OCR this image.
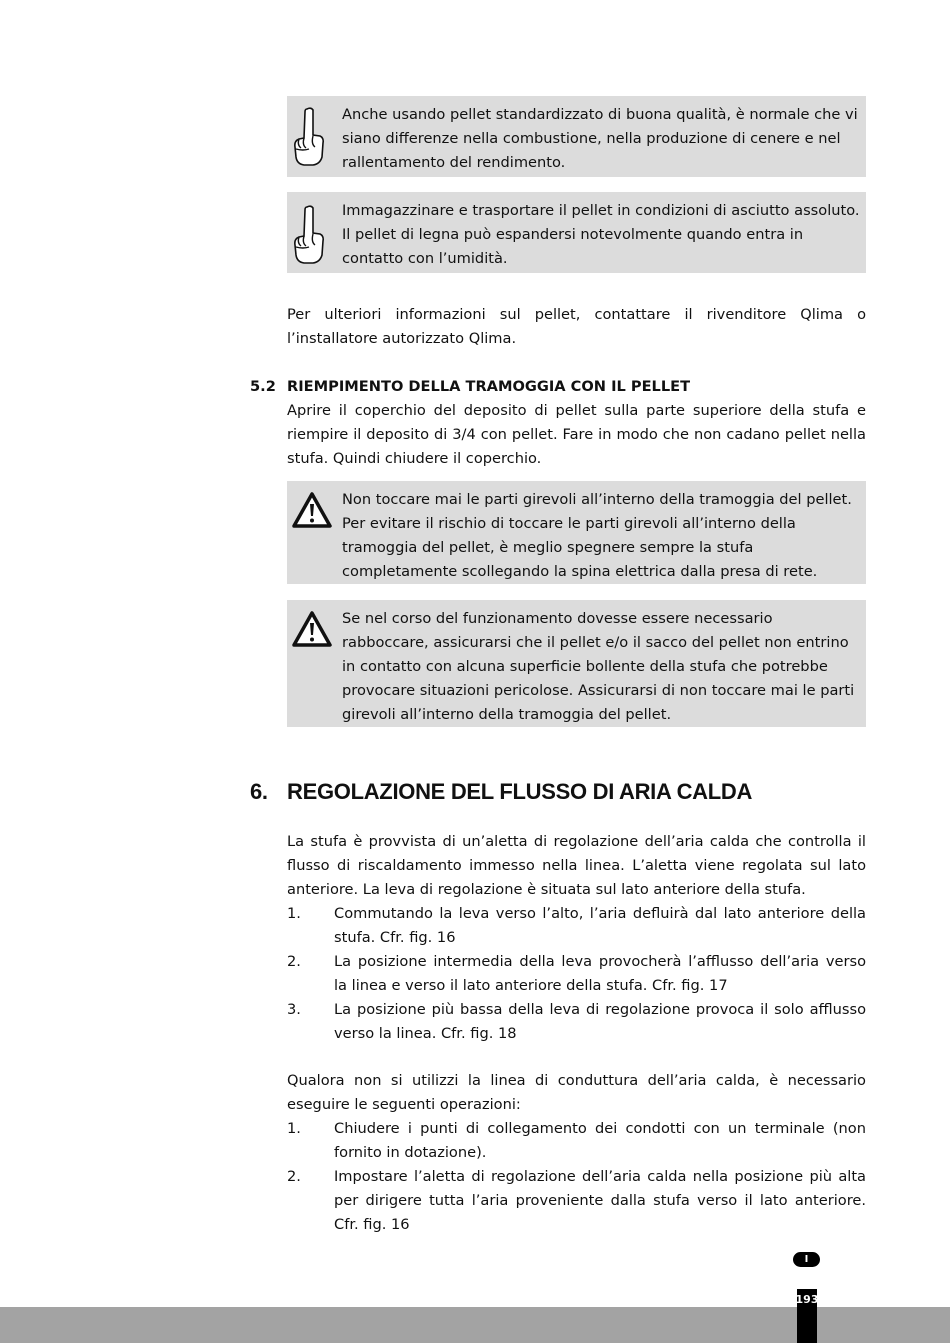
Anche usando pellet standardizzato di buona qualità, è normale che vi siano differenze nella combustione, nella produzione di cenere e nel rallentamento del rendimento.

Immagazzinare e trasportare il pellet in condizioni di asciutto assoluto. Il pellet di legna può espandersi notevolmente quando entra in contatto con l’umidità.

Per ulteriori informazioni sul pellet, contattare il rivenditore Qlima o l’installatore autorizzato Qlima.

5.2 RIEMPIMENTO DELLA TRAMOGGIA CON IL PELLET

Aprire il coperchio del deposito di pellet sulla parte superiore della stufa e riempire il deposito di 3/4 con pellet. Fare in modo che non cadano pellet nella stufa. Quindi chiudere il coperchio.

Non toccare mai le parti girevoli all’interno della tramoggia del pellet. Per evitare il rischio di toccare le parti girevoli all’interno della tramoggia del pellet, è meglio spegnere sempre la stufa completamente scollegando la spina elettrica dalla presa di rete.

Se nel corso del funzionamento dovesse essere necessario rabboccare, assicurarsi che il pellet e/o il sacco del pellet non entrino in contatto con alcuna superficie bollente della stufa che potrebbe provocare situazioni pericolose. Assicurarsi di non toccare mai le parti girevoli all’interno della tramoggia del pellet.

6. REGOLAZIONE DEL FLUSSO DI ARIA CALDA

La stufa è provvista di un’aletta di regolazione dell’aria calda che controlla il flusso di riscaldamento immesso nella linea. L’aletta viene regolata sul lato anteriore. La leva di regolazione è situata sul lato anteriore della stufa.

1. Commutando la leva verso l’alto, l’aria defluirà dal lato anteriore della stufa. Cfr. fig. 16
2. La posizione intermedia della leva provocherà l’afflusso dell’aria verso la linea e verso il lato anteriore della stufa. Cfr. fig. 17
3. La posizione più bassa della leva di regolazione provoca il solo afflusso verso la linea. Cfr. fig. 18

Qualora non si utilizzi la linea di conduttura dell’aria calda, è necessario eseguire le seguenti operazioni:

1. Chiudere i punti di collegamento dei condotti con un terminale (non fornito in dotazione).
2. Impostare l’aletta di regolazione dell’aria calda nella posizione più alta per dirigere tutta l’aria proveniente dalla stufa verso il lato anteriore. Cfr. fig. 16
I
193
